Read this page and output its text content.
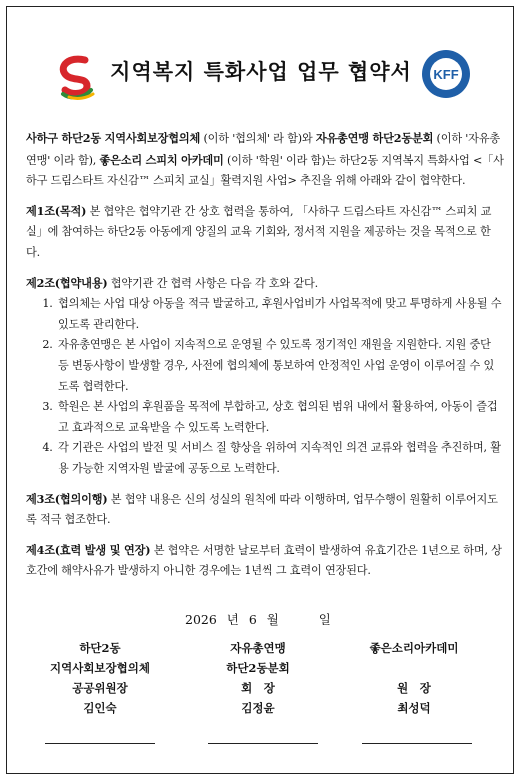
지역복지 특화사업 업무 협약서	KFF

사하구 하단2동 지역사회보장협의체 (이하 '협의체' 라 함)와 자유총연맹 하단2동분회 (이하 '자유총연맹' 이라 함), 좋은소리 스피치 아카데미 (이하 '학원' 이라 함)는 하단2동 지역복지 특화사업 <「사하구 드림스타트 자신감™ 스피치 교실」활력지원 사업> 추진을 위해 아래와 같이 협약한다.

제1조(목적) 본 협약은 협약기관 간 상호 협력을 통하여, 「사하구 드림스타트 자신감™ 스피치 교실」에 참여하는 하단2동 아동에게 양질의 교육 기회와, 정서적 지원을 제공하는 것을 목적으로 한다.

제2조(협약내용) 협약기관 간 협력 사항은 다음 각 호와 같다.

1. 협의체는 사업 대상 아동을 적극 발굴하고, 후원사업비가 사업목적에 맞고 투명하게 사용될 수 있도록 관리한다.
2. 자유총연맹은 본 사업이 지속적으로 운영될 수 있도록 정기적인 재원을 지원한다. 지원 중단 등 변동사항이 발생할 경우, 사전에 협의체에 통보하여 안정적인 사업 운영이 이루어질 수 있도록 협력한다.
3. 학원은 본 사업의 후원품을 목적에 부합하고, 상호 협의된 범위 내에서 활용하여, 아동이 즐겁고 효과적으로 교육받을 수 있도록 노력한다.
4. 각 기관은 사업의 발전 및 서비스 질 향상을 위하여 지속적인 의견 교류와 협력을 추진하며, 활용 가능한 지역자원 발굴에 공동으로 노력한다.

제3조(협의이행) 본 협약 내용은 신의 성실의 원칙에 따라 이행하며, 업무수행이 원활히 이루어지도록 적극 협조한다.

제4조(효력 발생 및 연장) 본 협약은 서명한 날로부터 효력이 발생하여 유효기간은 1년으로 하며, 상호간에 해약사유가 발생하지 아니한 경우에는 1년씩 그 효력이 연장된다.

2026 년 6 월	일
하단2동
지역사회보장협의체
공공위원장
김인숙
자유총연맹
하단2동분회
회　장
김정윤
좋은소리아카데미
원　장
최성덕
